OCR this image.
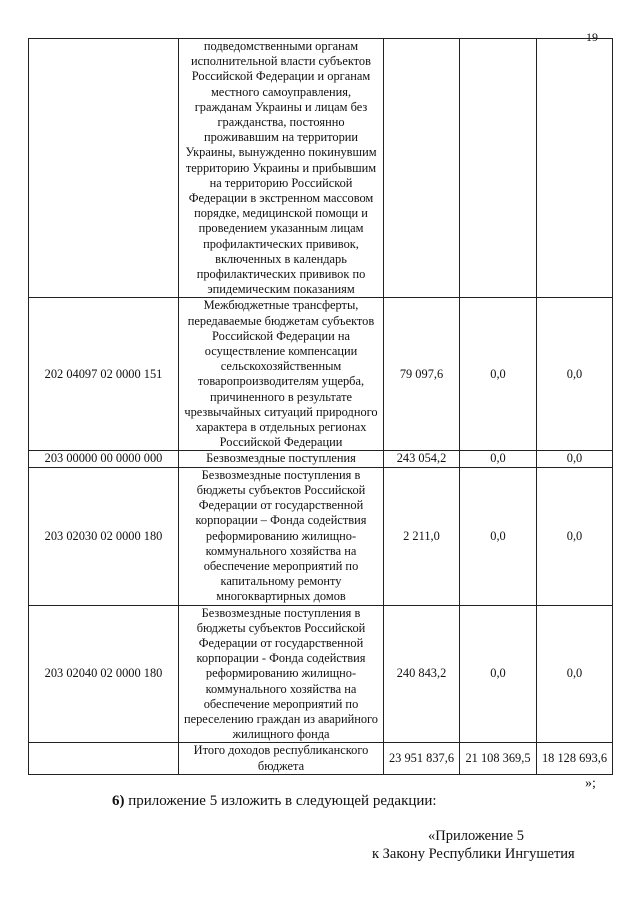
19
	подведомственными органам исполнительной власти субъектов Российской Федерации и органам местного самоуправления, гражданам Украины и лицам без гражданства, постоянно проживавшим на территории Украины, вынужденно покинувшим территорию Украины и прибывшим на территорию Российской Федерации в экстренном массовом порядке, медицинской помощи и проведением указанным лицам профилактических прививок, включенных в календарь профилактических прививок по эпидемическим показаниям			
202 04097 02 0000 151	Межбюджетные трансферты, передаваемые бюджетам субъектов Российской Федерации на осуществление компенсации сельскохозяйственным товаропроизводителям ущерба, причиненного в результате чрезвычайных ситуаций природного характера в отдельных регионах Российской Федерации	79 097,6	0,0	0,0
203 00000 00 0000 000	Безвозмездные поступления	243 054,2	0,0	0,0
203 02030 02 0000 180	Безвозмездные поступления в бюджеты субъектов Российской Федерации от государственной корпорации – Фонда содействия реформированию жилищно-коммунального хозяйства на обеспечение мероприятий по капитальному ремонту многоквартирных домов	2 211,0	0,0	0,0
203 02040 02 0000 180	Безвозмездные поступления в бюджеты субъектов Российской Федерации от государственной корпорации - Фонда содействия реформированию жилищно-коммунального хозяйства на обеспечение мероприятий по переселению граждан из аварийного жилищного фонда	240 843,2	0,0	0,0
	Итого доходов республиканского бюджета	23 951 837,6	21 108 369,5	18 128 693,6
»;
6) приложение 5 изложить в следующей редакции:
«Приложение 5
к Закону Республики Ингушетия
